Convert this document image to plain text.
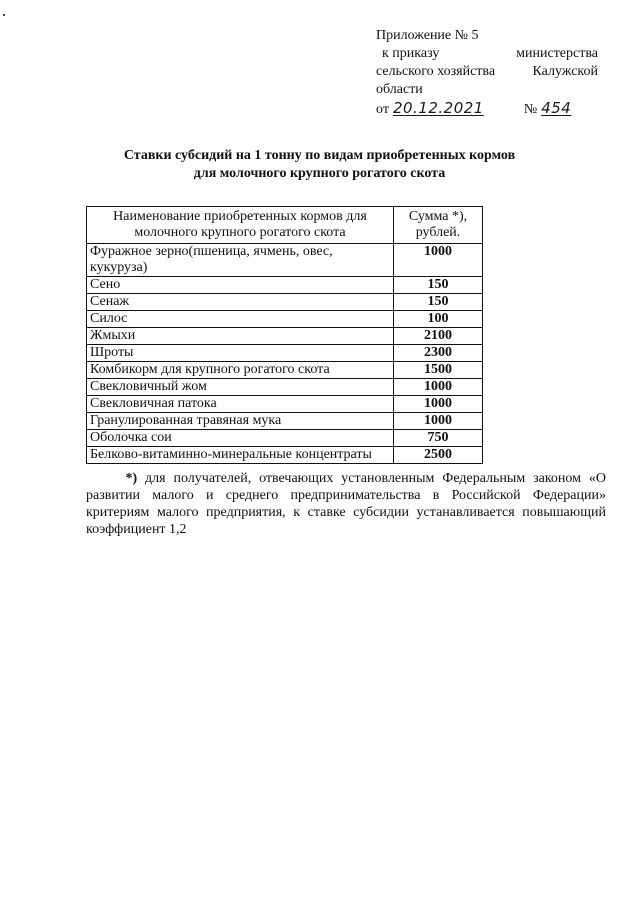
Приложение № 5
к приказу	министерства
сельского хозяйства	Калужской
области
от 20.12.2021	№ 454
Ставки субсидий на 1 тонну по видам приобретенных кормов
для молочного крупного рогатого скота
Наименование приобретенных кормов для молочного крупного рогатого скота	Сумма *), рублей.
Фуражное зерно(пшеница, ячмень, овес, кукуруза)	1000
Сено	150
Сенаж	150
Силос	100
Жмыхи	2100
Шроты	2300
Комбикорм для крупного рогатого скота	1500
Свекловичный жом	1000
Свекловичная патока	1000
Гранулированная травяная мука	1000
Оболочка сои	750
Белково-витаминно-минеральные концентраты	2500
*) для получателей, отвечающих установленным Федеральным законом «О развитии малого и среднего предпринимательства в Российской Федерации» критериям малого предприятия, к ставке субсидии устанавливается повышающий коэффициент 1,2
